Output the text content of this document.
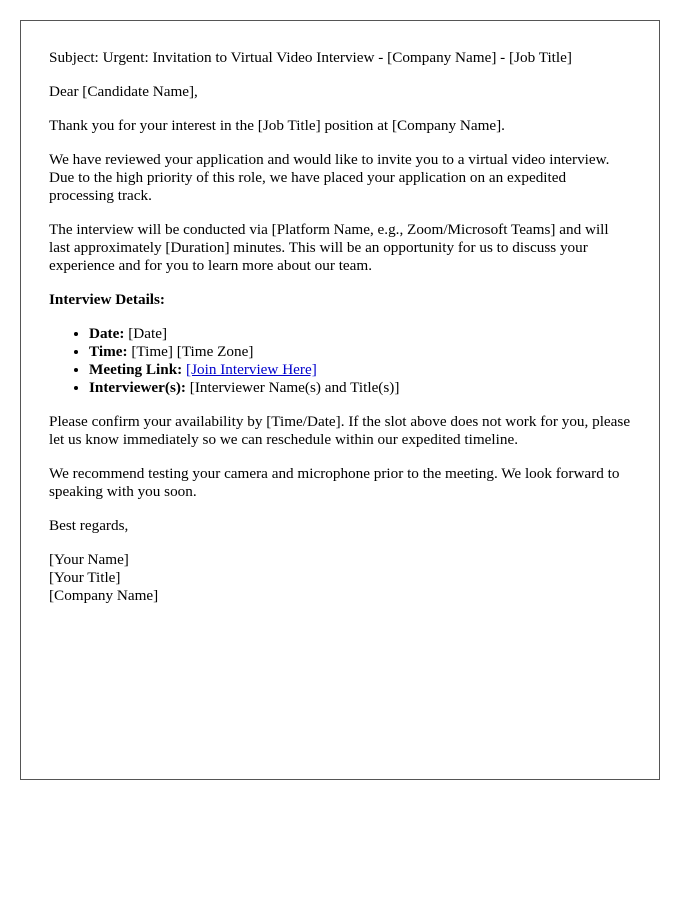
Subject: Urgent: Invitation to Virtual Video Interview - [Company Name] - [Job Title]

Dear [Candidate Name],

Thank you for your interest in the [Job Title] position at [Company Name].

We have reviewed your application and would like to invite you to a virtual video interview. Due to the high priority of this role, we have placed your application on an expedited processing track.

The interview will be conducted via [Platform Name, e.g., Zoom/Microsoft Teams] and will last approximately [Duration] minutes. This will be an opportunity for us to discuss your experience and for you to learn more about our team.

Interview Details:

• Date: [Date]
• Time: [Time] [Time Zone]
• Meeting Link: [Join Interview Here]
• Interviewer(s): [Interviewer Name(s) and Title(s)]

Please confirm your availability by [Time/Date]. If the slot above does not work for you, please let us know immediately so we can reschedule within our expedited timeline.

We recommend testing your camera and microphone prior to the meeting. We look forward to speaking with you soon.

Best regards,

[Your Name]
[Your Title]
[Company Name]
